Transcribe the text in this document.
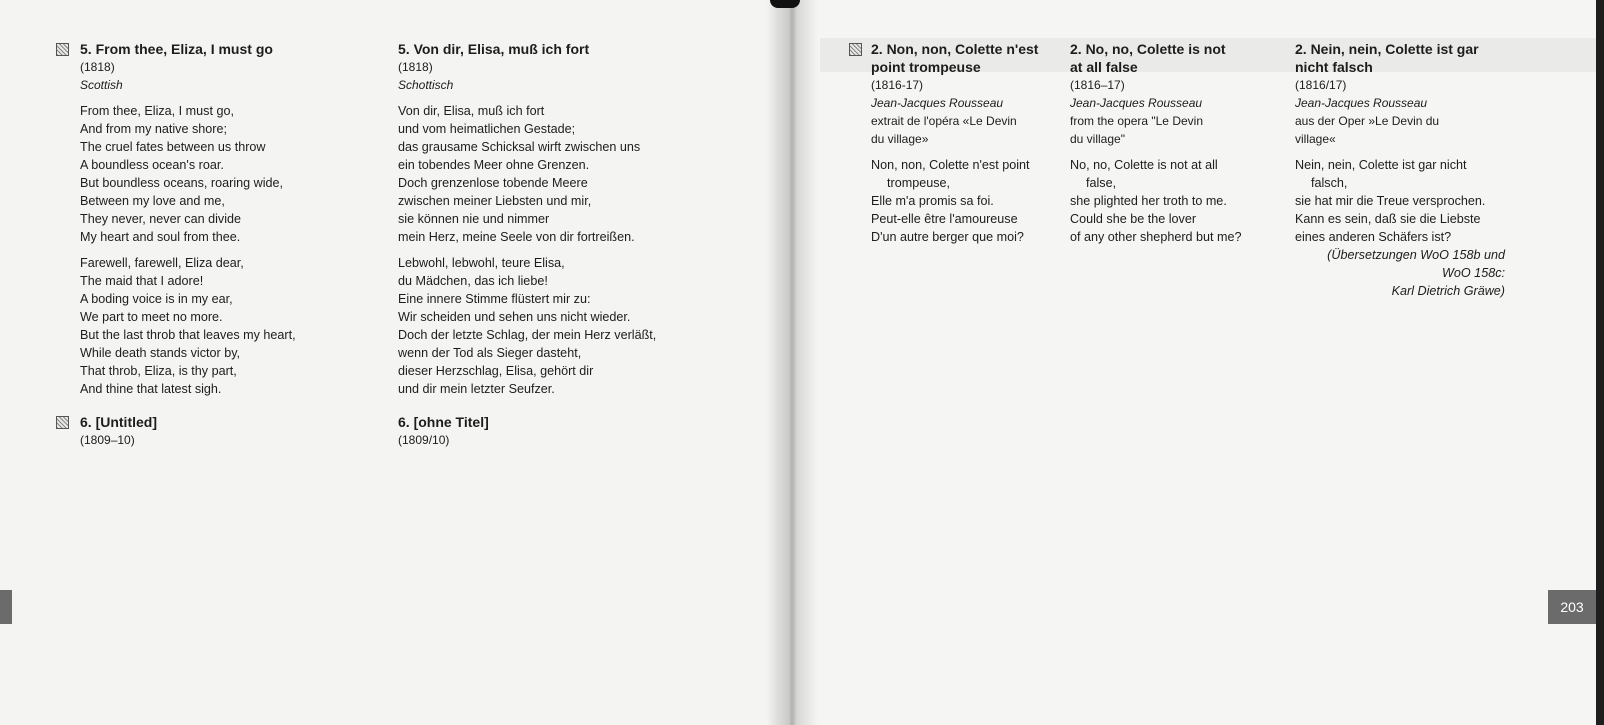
5. From thee, Eliza, I must go
(1818)
Scottish
From thee, Eliza, I must go,
And from my native shore;
The cruel fates between us throw
A boundless ocean's roar.
But boundless oceans, roaring wide,
Between my love and me,
They never, never can divide
My heart and soul from thee.
Farewell, farewell, Eliza dear,
The maid that I adore!
A boding voice is in my ear,
We part to meet no more.
But the last throb that leaves my heart,
While death stands victor by,
That throb, Eliza, is thy part,
And thine that latest sigh.
6. [Untitled]
(1809–10)
5. Von dir, Elisa, muß ich fort
(1818)
Schottisch
Von dir, Elisa, muß ich fort
und vom heimatlichen Gestade;
das grausame Schicksal wirft zwischen uns
ein tobendes Meer ohne Grenzen.
Doch grenzenlose tobende Meere
zwischen meiner Liebsten und mir,
sie können nie und nimmer
mein Herz, meine Seele von dir fortreißen.
Lebwohl, lebwohl, teure Elisa,
du Mädchen, das ich liebe!
Eine innere Stimme flüstert mir zu:
Wir scheiden und sehen uns nicht wieder.
Doch der letzte Schlag, der mein Herz verläßt,
wenn der Tod als Sieger dasteht,
dieser Herzschlag, Elisa, gehört dir
und dir mein letzter Seufzer.
6. [ohne Titel]
(1809/10)
2. Non, non, Colette n'est
point trompeuse
(1816-17)
Jean-Jacques Rousseau
extrait de l'opéra «Le Devin
du village»
Non, non, Colette n'est point
trompeuse,
Elle m'a promis sa foi.
Peut-elle être l'amoureuse
D'un autre berger que moi?
2. No, no, Colette is not
at all false
(1816–17)
Jean-Jacques Rousseau
from the opera "Le Devin
du village"
No, no, Colette is not at all
false,
she plighted her troth to me.
Could she be the lover
of any other shepherd but me?
2. Nein, nein, Colette ist gar
nicht falsch
(1816/17)
Jean-Jacques Rousseau
aus der Oper »Le Devin du
village«
Nein, nein, Colette ist gar nicht
falsch,
sie hat mir die Treue versprochen.
Kann es sein, daß sie die Liebste
eines anderen Schäfers ist?
(Übersetzungen WoO 158b und
WoO 158c:
Karl Dietrich Gräwe)
203
